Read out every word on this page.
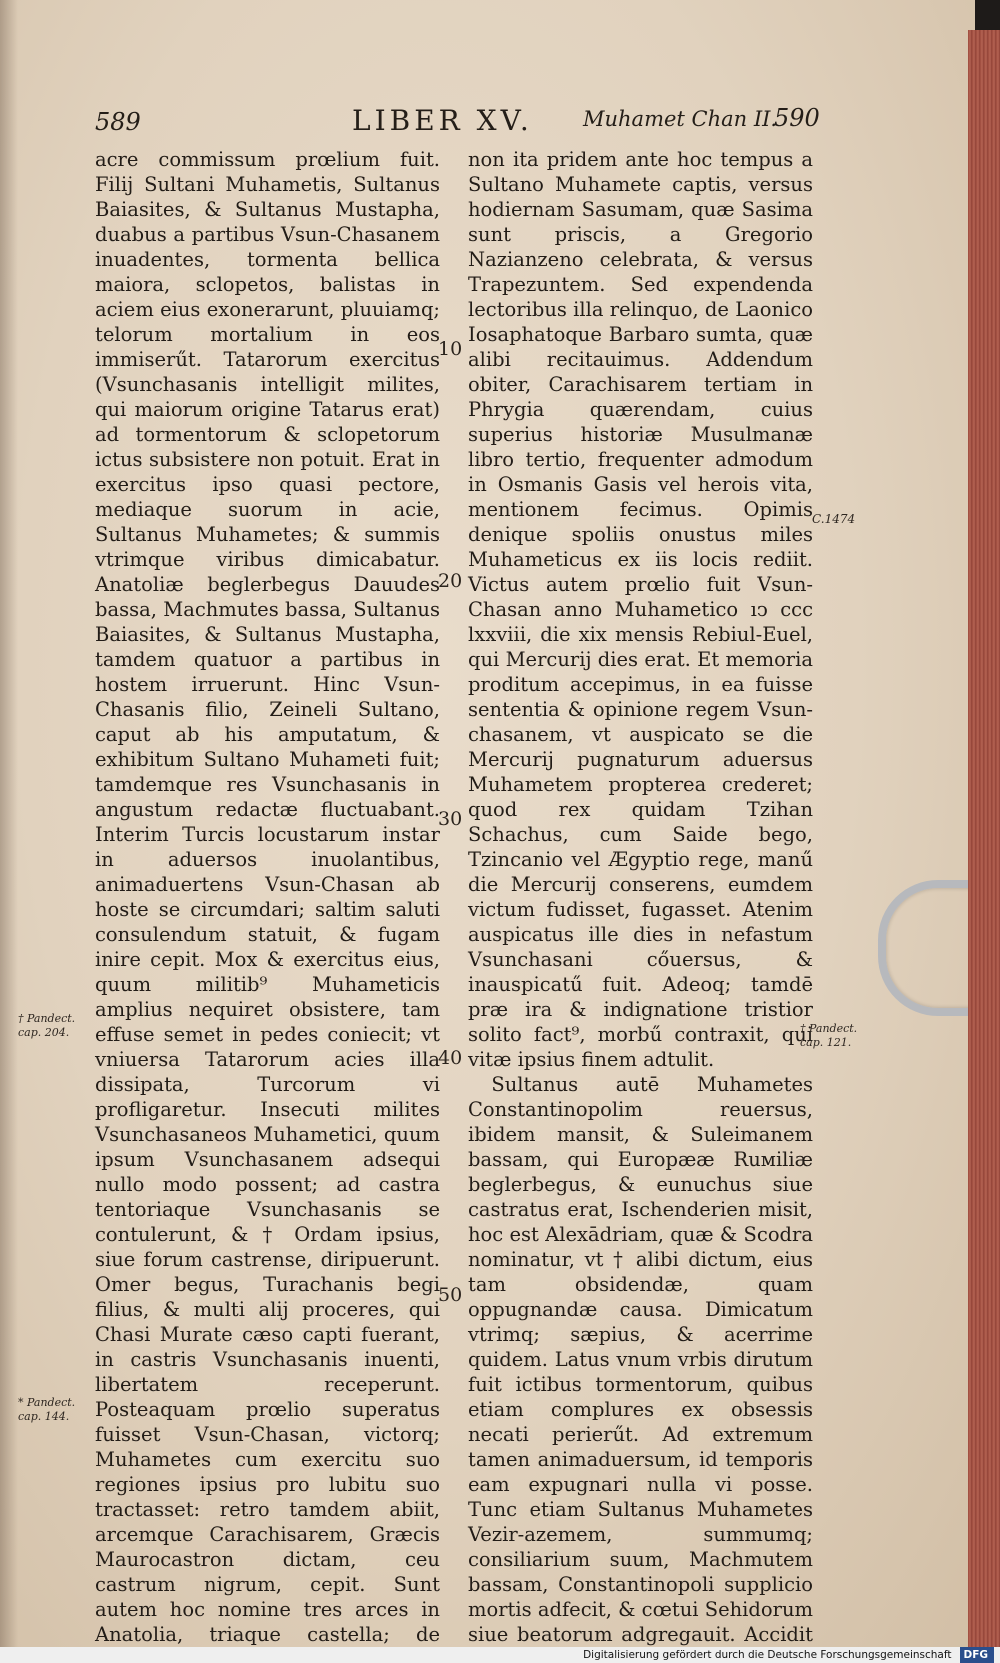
589	LIBER XV. Muhamet Chan II.
590

acre commissum prœlium fuit. Filij Sultani Muhametis, Sultanus Baiasites, & Sultanus Mustapha, duabus a partibus Vsun-Chasanem inuadentes, tormenta bellica maiora, sclopetos, balistas in aciem eius exonerarunt, pluuiamq; telorum mortalium in eos immiserűt. Tatarorum exercitus (Vsunchasanis intelligit milites, qui maiorum origine Tatarus erat) ad tormentorum & sclopetorum ictus subsistere non potuit. Erat in exercitus ipso quasi pectore, mediaque suorum in acie, Sultanus Muhametes; & summis vtrimque viribus dimicabatur. Anatoliæ beglerbegus Dauudes bassa, Machmutes bassa, Sultanus Baiasites, & Sultanus Mustapha, tamdem quatuor a partibus in hostem irruerunt. Hinc Vsun-Chasanis filio, Zeineli Sultano, caput ab his amputatum, & exhibitum Sultano Muhameti fuit; tamdemque res Vsunchasanis in angustum redactæ fluctuabant. Interim Turcis locustarum instar in aduersos inuolantibus, animaduertens Vsun-Chasan ab hoste se circumdari; saltim saluti consulendum statuit, & fugam inire cepit. Mox & exercitus eius, quum militib⁹ Muhameticis amplius nequiret obsistere, tam effuse semet in pedes coniecit; vt vniuersa Tatarorum acies illa dissipata, Turcorum vi profligaretur. Insecuti milites Vsunchasaneos Muhametici, quum ipsum Vsunchasanem adsequi nullo modo possent; ad castra tentoriaque Vsunchasanis se contulerunt, & † Ordam ipsius, siue forum castrense, diripuerunt. Omer begus, Turachanis begi filius, & multi alij proceres, qui Chasi Murate cæso capti fuerant, in castris Vsunchasanis inuenti, libertatem receperunt. Posteaquam prœlio superatus fuisset Vsun-Chasan, victorq; Muhametes cum exercitu suo regiones ipsius pro lubitu suo tractasset: retro tamdem abiit, arcemque Carachisarem, Græcis Maurocastron dictam, ceu castrum nigrum, cepit. Sunt autem hoc nomine tres arces in Anatolia, triaque castella; de

non ita pridem ante hoc tempus a Sultano Muhamete captis, versus hodiernam Sasumam, quæ Sasima sunt priscis, a Gregorio Nazianzeno celebrata, & versus Trapezuntem. Sed expendenda lectoribus illa relinquo, de Laonico Iosaphatoque Barbaro sumta, quæ alibi recitauimus. Addendum obiter, Carachisarem tertiam in Phrygia quærendam, cuius superius historiæ Musulmanæ libro tertio, frequenter admodum in Osmanis Gasis vel herois vita, mentionem fecimus. Opimis denique spoliis onustus miles Muhameticus ex iis locis rediit. Victus autem prœlio fuit Vsun-Chasan anno Muhametico ıↄ ccc lxxviii, die xix mensis Rebiul-Euel, qui Mercurij dies erat. Et memoria proditum accepimus, in ea fuisse sententia & opinione regem Vsun-chasanem, vt auspicato se die Mercurij pugnaturum aduersus Muhametem propterea crederet; quod rex quidam Tzihan Schachus, cum Saide bego, Tzincanio vel Ægyptio rege, manű die Mercurij conserens, eumdem victum fudisset, fugasset. Atenim auspicatus ille dies in nefastum Vsunchasani cőuersus, & inauspicatű fuit. Adeoq; tamdē præ ira & indignatione tristior solito fact⁹, morbű contraxit, qui vitæ ipsius finem adtulit.

Sultanus autē Muhametes Constantinopolim reuersus, ibidem mansit, & Suleimanem bassam, qui Europææ Ruмiliæ beglerbegus, & eunuchus siue castratus erat, Ischenderien misit, hoc est Alexādriam, quæ & Scodra nominatur, vt † alibi dictum, eius tam obsidendæ, quam oppugnandæ causa. Dimicatum vtrimq; sæpius, & acerrime quidem. Latus vnum vrbis dirutum fuit ictibus tormentorum, quibus etiam complures ex obsessis necati perierűt. Ad extremum tamen animaduersum, id temporis eam expugnari nulla vi posse. Tunc etiam Sultanus Muhametes Vezir-azemem, summumq; consiliarium suum, Machmutem bassam, Constantinopoli supplicio mortis adfecit, & cœtui Sehidorum siue beatorum adgregauit. Accidit

10
20
30
40
50
C.1474
† Pandect. cap. 204.
* Pandect. cap. 144.
† Pandect. cap. 121.
Digitalisierung gefördert durch die Deutsche Forschungsgemeinschaft DFG
